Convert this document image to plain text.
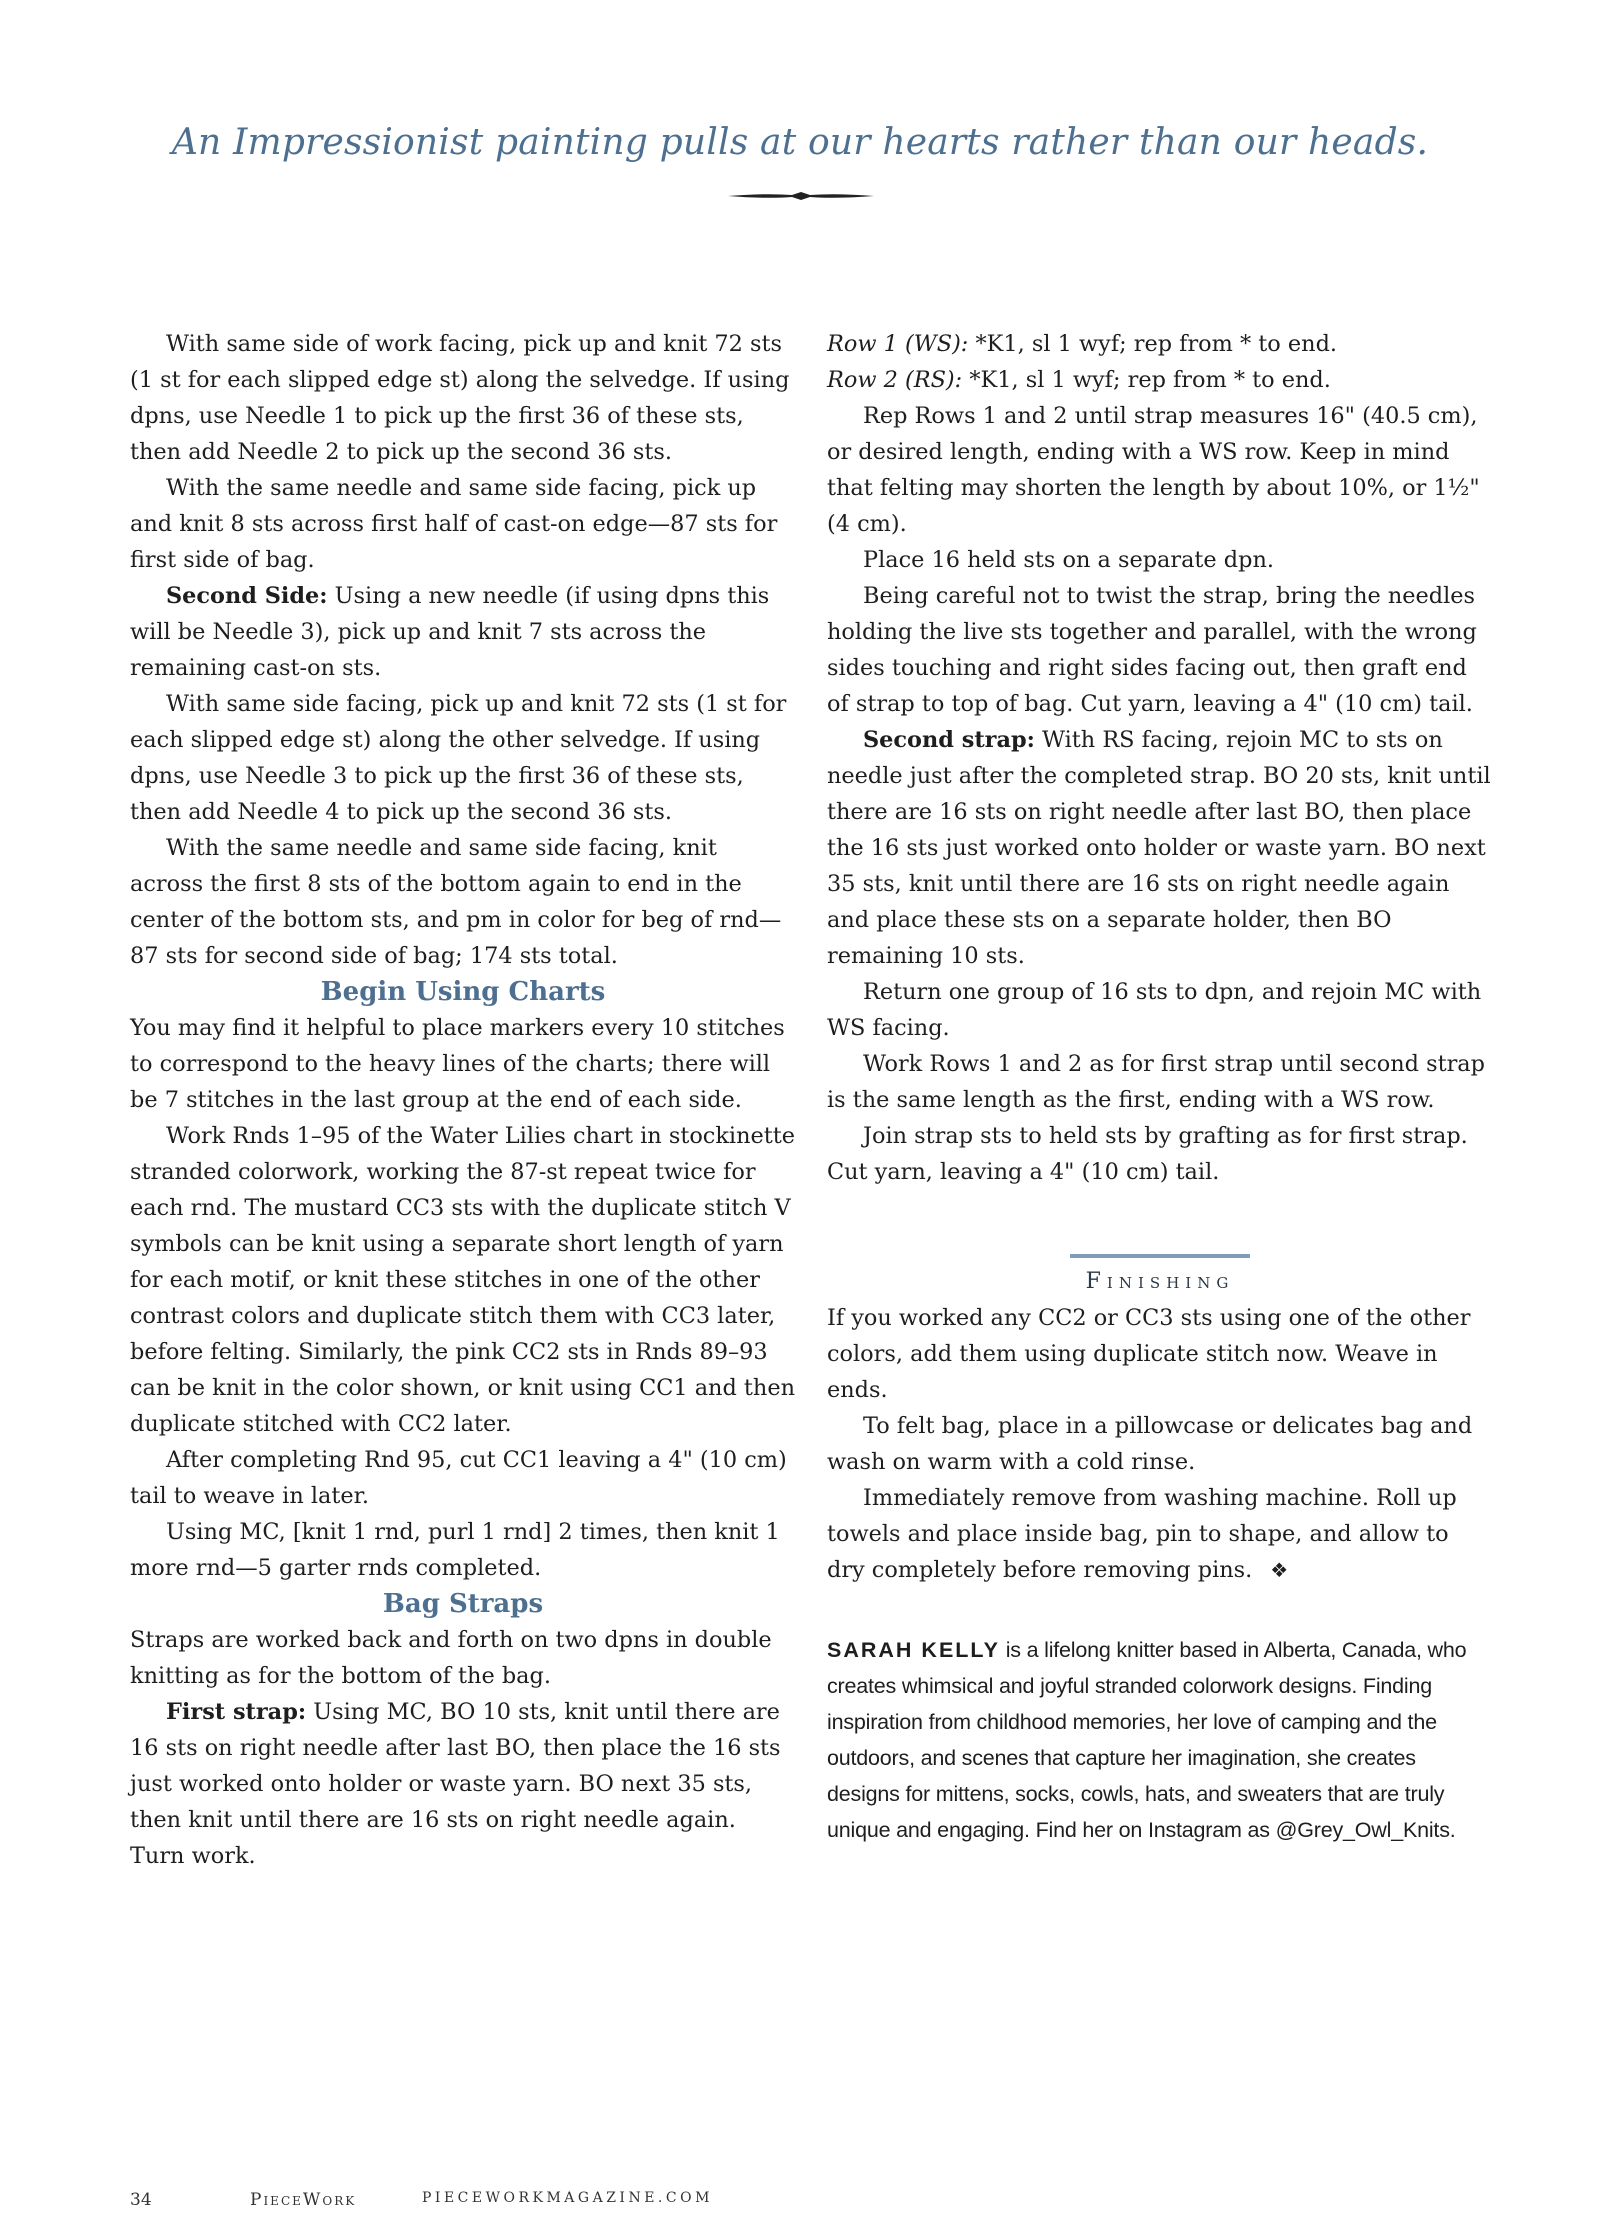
An Impressionist painting pulls at our hearts rather than our heads.

With same side of work facing, pick up and knit 72 sts (1 st for each slipped edge st) along the selvedge. If using dpns, use Needle 1 to pick up the first 36 of these sts, then add Needle 2 to pick up the second 36 sts.

With the same needle and same side facing, pick up and knit 8 sts across first half of cast-on edge—87 sts for first side of bag.

Second Side: Using a new needle (if using dpns this will be Needle 3), pick up and knit 7 sts across the remaining cast-on sts.

With same side facing, pick up and knit 72 sts (1 st for each slipped edge st) along the other selvedge. If using dpns, use Needle 3 to pick up the first 36 of these sts, then add Needle 4 to pick up the second 36 sts.

With the same needle and same side facing, knit across the first 8 sts of the bottom again to end in the center of the bottom sts, and pm in color for beg of rnd—87 sts for second side of bag; 174 sts total.

Begin Using Charts

You may find it helpful to place markers every 10 stitches to correspond to the heavy lines of the charts; there will be 7 stitches in the last group at the end of each side.

Work Rnds 1–95 of the Water Lilies chart in stockinette stranded colorwork, working the 87-st repeat twice for each rnd. The mustard CC3 sts with the duplicate stitch V symbols can be knit using a separate short length of yarn for each motif, or knit these stitches in one of the other contrast colors and duplicate stitch them with CC3 later, before felting. Similarly, the pink CC2 sts in Rnds 89–93 can be knit in the color shown, or knit using CC1 and then duplicate stitched with CC2 later.

After completing Rnd 95, cut CC1 leaving a 4" (10 cm) tail to weave in later.

Using MC, [knit 1 rnd, purl 1 rnd] 2 times, then knit 1 more rnd—5 garter rnds completed.

Bag Straps

Straps are worked back and forth on two dpns in double knitting as for the bottom of the bag.

First strap: Using MC, BO 10 sts, knit until there are 16 sts on right needle after last BO, then place the 16 sts just worked onto holder or waste yarn. BO next 35 sts, then knit until there are 16 sts on right needle again. Turn work.

Row 1 (WS): *K1, sl 1 wyf; rep from * to end.

Row 2 (RS): *K1, sl 1 wyf; rep from * to end.

Rep Rows 1 and 2 until strap measures 16" (40.5 cm), or desired length, ending with a WS row. Keep in mind that felting may shorten the length by about 10%, or 1½" (4 cm).

Place 16 held sts on a separate dpn.

Being careful not to twist the strap, bring the needles holding the live sts together and parallel, with the wrong sides touching and right sides facing out, then graft end of strap to top of bag. Cut yarn, leaving a 4" (10 cm) tail.

Second strap: With RS facing, rejoin MC to sts on needle just after the completed strap. BO 20 sts, knit until there are 16 sts on right needle after last BO, then place the 16 sts just worked onto holder or waste yarn. BO next 35 sts, knit until there are 16 sts on right needle again and place these sts on a separate holder, then BO remaining 10 sts.

Return one group of 16 sts to dpn, and rejoin MC with WS facing.

Work Rows 1 and 2 as for first strap until second strap is the same length as the first, ending with a WS row.

Join strap sts to held sts by grafting as for first strap. Cut yarn, leaving a 4" (10 cm) tail.

Finishing

If you worked any CC2 or CC3 sts using one of the other colors, add them using duplicate stitch now. Weave in ends.

To felt bag, place in a pillowcase or delicates bag and wash on warm with a cold rinse.

Immediately remove from washing machine. Roll up towels and place inside bag, pin to shape, and allow to dry completely before removing pins. ❖

SARAH KELLY is a lifelong knitter based in Alberta, Canada, who creates whimsical and joyful stranded colorwork designs. Finding inspiration from childhood memories, her love of camping and the outdoors, and scenes that capture her imagination, she creates designs for mittens, socks, cowls, hats, and sweaters that are truly unique and engaging. Find her on Instagram as @Grey_Owl_Knits.
34	PieceWork	PIECEWORKMAGAZINE.COM
